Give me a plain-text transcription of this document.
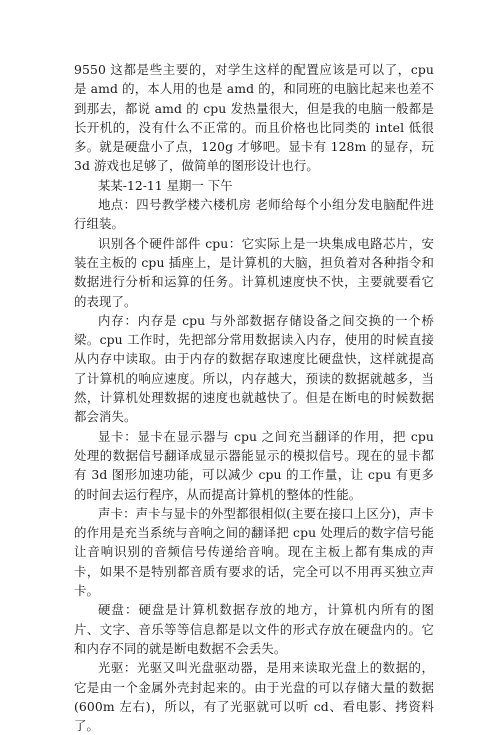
9550 这都是些主要的，对学生这样的配置应该是可以了，cpu 是 amd 的，本人用的也是 amd 的，和同班的电脑比起来也差不到那去，都说 amd 的 cpu 发热量很大，但是我的电脑一般都是长开机的，没有什么不正常的。而且价格也比同类的 intel 低很多。就是硬盘小了点，120g 才够吧。显卡有 128m 的显存，玩 3d 游戏也足够了，做简单的图形设计也行。

某某-12-11 星期一 下午

地点：四号教学楼六楼机房 老师给每个小组分发电脑配件进行组装。

识别各个硬件部件 cpu：它实际上是一块集成电路芯片，安装在主板的 cpu 插座上，是计算机的大脑，担负着对各种指令和数据进行分析和运算的任务。计算机速度快不快，主要就要看它的表现了。

内存：内存是 cpu 与外部数据存储设备之间交换的一个桥梁。cpu 工作时，先把部分常用数据读入内存，使用的时候直接从内存中读取。由于内存的数据存取速度比硬盘快，这样就提高了计算机的响应速度。所以，内存越大，预读的数据就越多，当然，计算机处理数据的速度也就越快了。但是在断电的时候数据都会消失。

显卡：显卡在显示器与 cpu 之间充当翻译的作用，把 cpu 处理的数据信号翻译成显示器能显示的模拟信号。现在的显卡都有 3d 图形加速功能，可以减少 cpu 的工作量，让 cpu 有更多的时间去运行程序，从而提高计算机的整体的性能。

声卡：声卡与显卡的外型都很相似(主要在接口上区分)，声卡的作用是充当系统与音响之间的翻译把 cpu 处理后的数字信号能让音响识别的音频信号传递给音响。现在主板上都有集成的声卡，如果不是特别都音质有要求的话，完全可以不用再买独立声卡。

硬盘：硬盘是计算机数据存放的地方，计算机内所有的图片、文字、音乐等等信息都是以文件的形式存放在硬盘内的。它和内存不同的就是断电数据不会丢失。

光驱：光驱又叫光盘驱动器，是用来读取光盘上的数据的，它是由一个金属外壳封起来的。由于光盘的可以存储大量的数据(600m 左右)，所以，有了光驱就可以听 cd、看电影、拷资料了。
